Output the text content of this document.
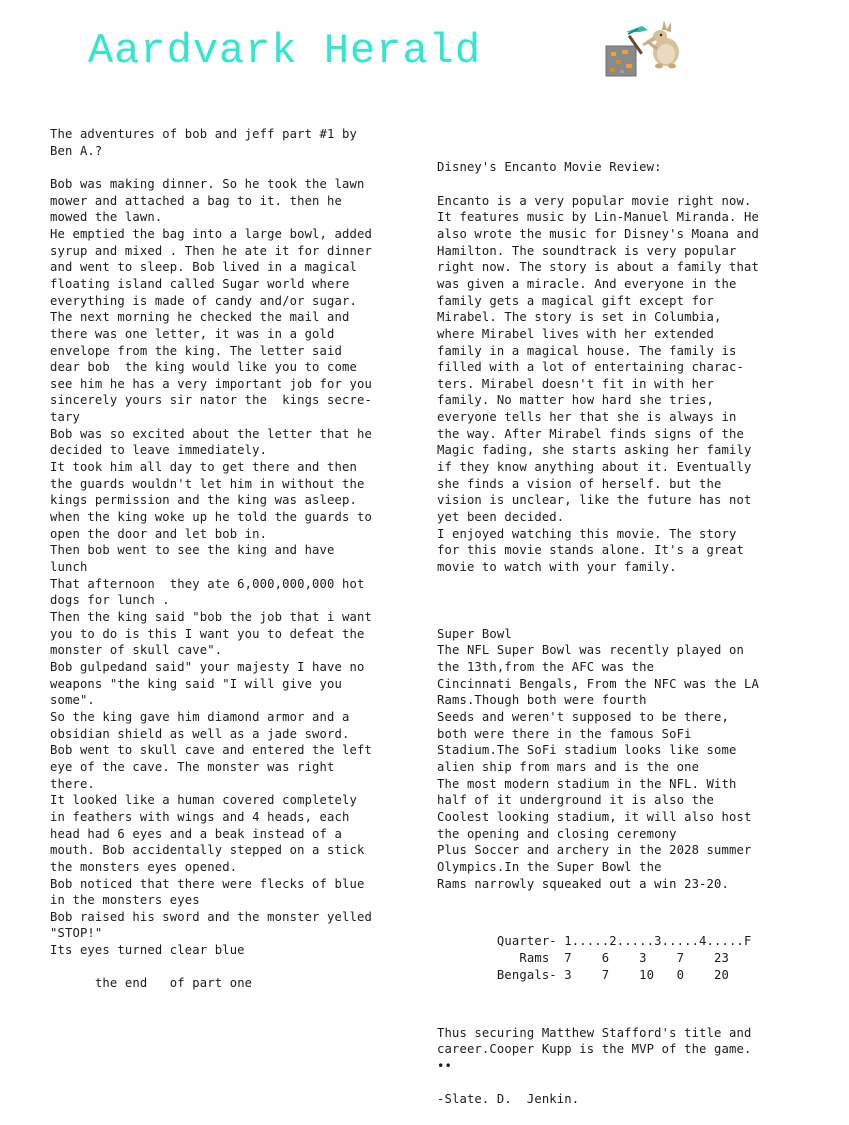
Aardvark Herald
The adventures of bob and jeff part #1 by
Ben A.?
Bob was making dinner. So he took the lawn
mower and attached a bag to it. then he
mowed the lawn.
He emptied the bag into a large bowl, added
syrup and mixed . Then he ate it for dinner
and went to sleep. Bob lived in a magical
floating island called Sugar world where
everything is made of candy and/or sugar.
The next morning he checked the mail and
there was one letter, it was in a gold
envelope from the king. The letter said
dear bob  the king would like you to come
see him he has a very important job for you
sincerely yours sir nator the  kings secre-
tary
Bob was so excited about the letter that he
decided to leave immediately.
It took him all day to get there and then
the guards wouldn't let him in without the
kings permission and the king was asleep.
when the king woke up he told the guards to
open the door and let bob in.
Then bob went to see the king and have
lunch
That afternoon  they ate 6,000,000,000 hot
dogs for lunch .
Then the king said "bob the job that i want
you to do is this I want you to defeat the
monster of skull cave".
Bob gulpedand said" your majesty I have no
weapons "the king said "I will give you
some".
So the king gave him diamond armor and a
obsidian shield as well as a jade sword.
Bob went to skull cave and entered the left
eye of the cave. The monster was right
there.
It looked like a human covered completely
in feathers with wings and 4 heads, each
head had 6 eyes and a beak instead of a
mouth. Bob accidentally stepped on a stick
the monsters eyes opened.
Bob noticed that there were flecks of blue
in the monsters eyes
Bob raised his sword and the monster yelled
"STOP!"
Its eyes turned clear blue
the end   of part one

Disney's Encanto Movie Review:
Encanto is a very popular movie right now.
It features music by Lin-Manuel Miranda. He
also wrote the music for Disney's Moana and
Hamilton. The soundtrack is very popular
right now. The story is about a family that
was given a miracle. And everyone in the
family gets a magical gift except for
Mirabel. The story is set in Columbia,
where Mirabel lives with her extended
family in a magical house. The family is
filled with a lot of entertaining charac-
ters. Mirabel doesn't fit in with her
family. No matter how hard she tries,
everyone tells her that she is always in
the way. After Mirabel finds signs of the
Magic fading, she starts asking her family
if they know anything about it. Eventually
she finds a vision of herself. but the
vision is unclear, like the future has not
yet been decided.
I enjoyed watching this movie. The story
for this movie stands alone. It's a great
movie to watch with your family.

Super Bowl
The NFL Super Bowl was recently played on
the 13th,from the AFC was the
Cincinnati Bengals, From the NFC was the LA
Rams.Though both were fourth
Seeds and weren't supposed to be there,
both were there in the famous SoFi
Stadium.The SoFi stadium looks like some
alien ship from mars and is the one
The most modern stadium in the NFL. With
half of it underground it is also the
Coolest looking stadium, it will also host
the opening and closing ceremony
Plus Soccer and archery in the 2028 summer
Olympics.In the Super Bowl the
Rams narrowly squeaked out a win 23-20.

Quarter- 1.....2.....3.....4.....F
Rams  7    6    3    7    23
Bengals- 3    7    10   0    20

Thus securing Matthew Stafford's title and
career.Cooper Kupp is the MVP of the game.
••
-Slate. D.  Jenkin.
